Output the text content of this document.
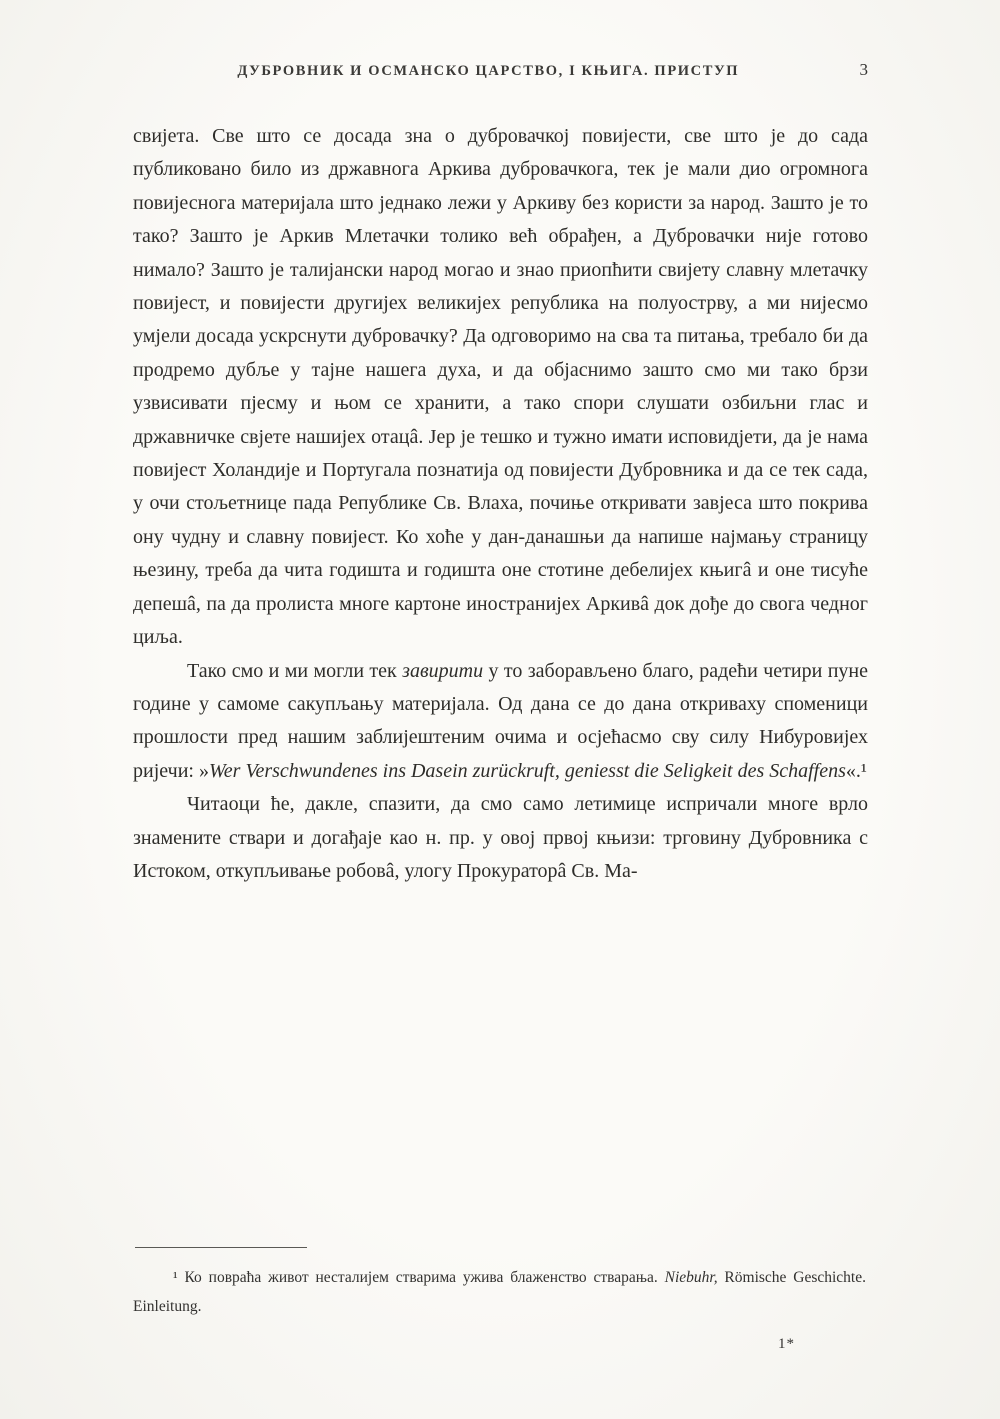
ДУБРОВНИК И ОСМАНСКО ЦАРСТВО, I КЊИГА. ПРИСТУП	3

свијета. Све што се досада зна о дубровачкој повијести, све што је до сада публиковано било из државнога Аркива дубровачкога, тек је мали дио огромнога повијеснога материјала што једнако лежи у Аркиву без користи за народ. Зашто је то тако? Зашто је Аркив Млетачки толико већ обрађен, а Дубровачки није готово нимало? Зашто је талијански народ могао и знао приопћити свијету славну млетачку повијест, и повијести другијех великијех република на полуострву, а ми нијесмо умјели досада ускрснути дубровачку? Да одговоримо на сва та питања, требало би да продремо дубље у тајне нашега духа, и да објаснимо зашто смо ми тако брзи узвисивати пјесму и њом се хранити, а тако спори слушати озбиљни глас и државничке свјете нашијех отацâ. Јер је тешко и тужно имати исповидјети, да је нама повијест Холандије и Португала познатија од повијести Дубровника и да се тек сада, у очи стољетнице пада Републике Св. Влаха, почиње откривати завјеса што покрива ону чудну и славну повијест. Ко хоће у дан-данашњи да напише најмању страницу њезину, треба да чита годишта и годишта оне стотине дебелијех књигâ и оне тисуће депешâ, па да пролиста многе картоне иностранијех Аркивâ док дође до свога чедног циља.

Тако смо и ми могли тек завирити у то заборављено благо, радећи четири пуне године у самоме сакупљању материјала. Од дана се до дана откриваху споменици прошлости пред нашим заблијештеним очима и осјећасмо сву силу Нибуровијех ријечи: »Wer Verschwundenes ins Dasein zurückruft, geniesst die Seligkeit des Schaffens«.¹

Читаоци ће, дакле, спазити, да смо само летимице испричали многе врло знамените ствари и догађаје као н. пр. у овој првој књизи: трговину Дубровника с Истоком, откупљивање робовâ, улогу Прокураторâ Св. Ма-

¹ Ко повраћа живот несталијем стварима ужива блаженство стварања. Niebuhr, Römische Geschichte. Einleitung.
1*
